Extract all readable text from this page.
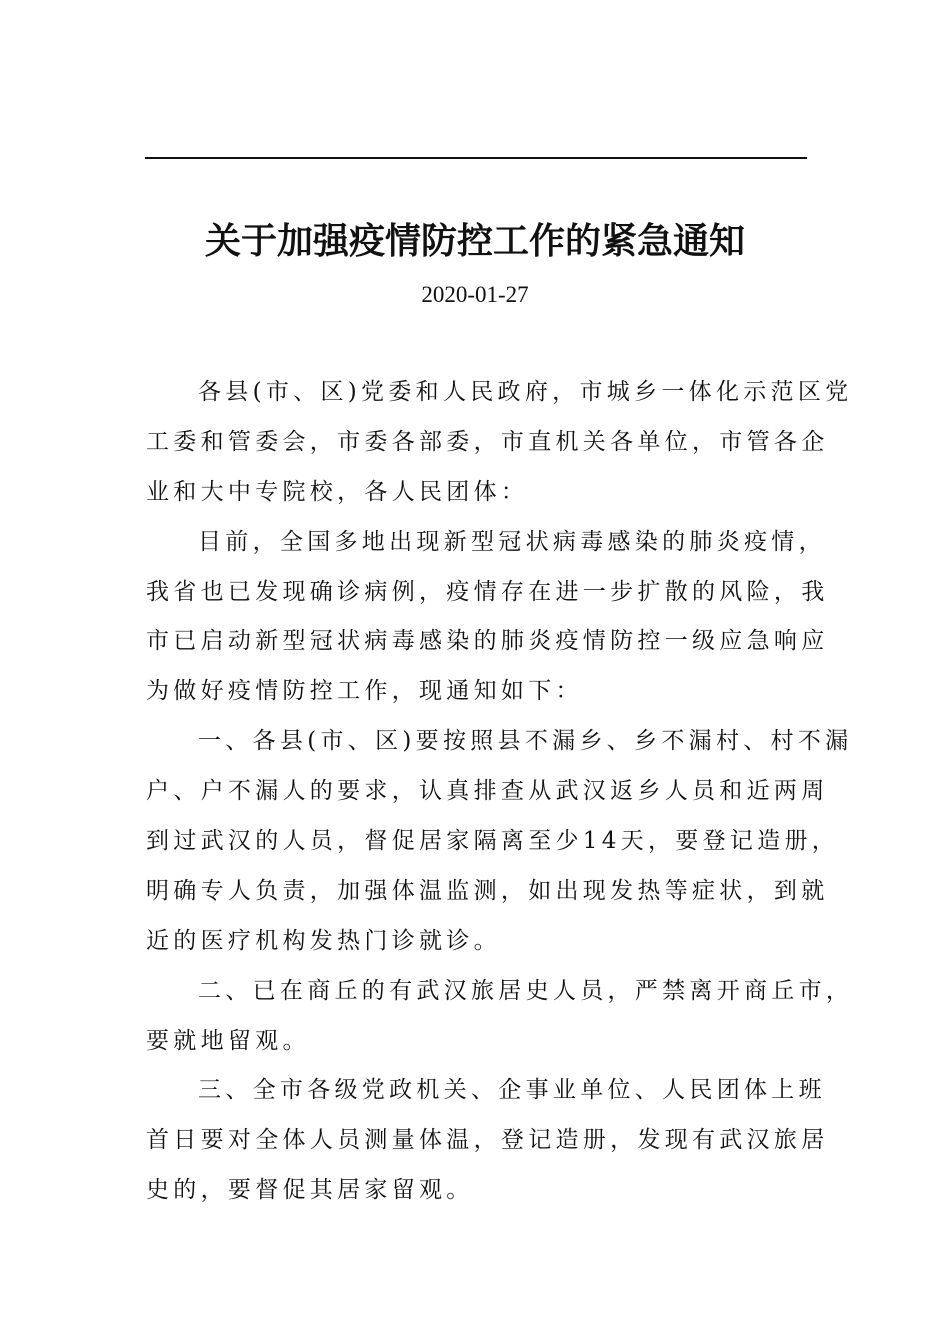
关于加强疫情防控工作的紧急通知
2020-01-27
各县(市、区)党委和人民政府，市城乡一体化示范区党
工委和管委会，市委各部委，市直机关各单位，市管各企
业和大中专院校，各人民团体：
目前，全国多地出现新型冠状病毒感染的肺炎疫情，
我省也已发现确诊病例，疫情存在进一步扩散的风险，我
市已启动新型冠状病毒感染的肺炎疫情防控一级应急响应
为做好疫情防控工作，现通知如下：
一、各县(市、区)要按照县不漏乡、乡不漏村、村不漏
户、户不漏人的要求，认真排查从武汉返乡人员和近两周
到过武汉的人员，督促居家隔离至少14天，要登记造册，
明确专人负责，加强体温监测，如出现发热等症状，到就
近的医疗机构发热门诊就诊。
二、已在商丘的有武汉旅居史人员，严禁离开商丘市，
要就地留观。
三、全市各级党政机关、企事业单位、人民团体上班
首日要对全体人员测量体温，登记造册，发现有武汉旅居
史的，要督促其居家留观。
